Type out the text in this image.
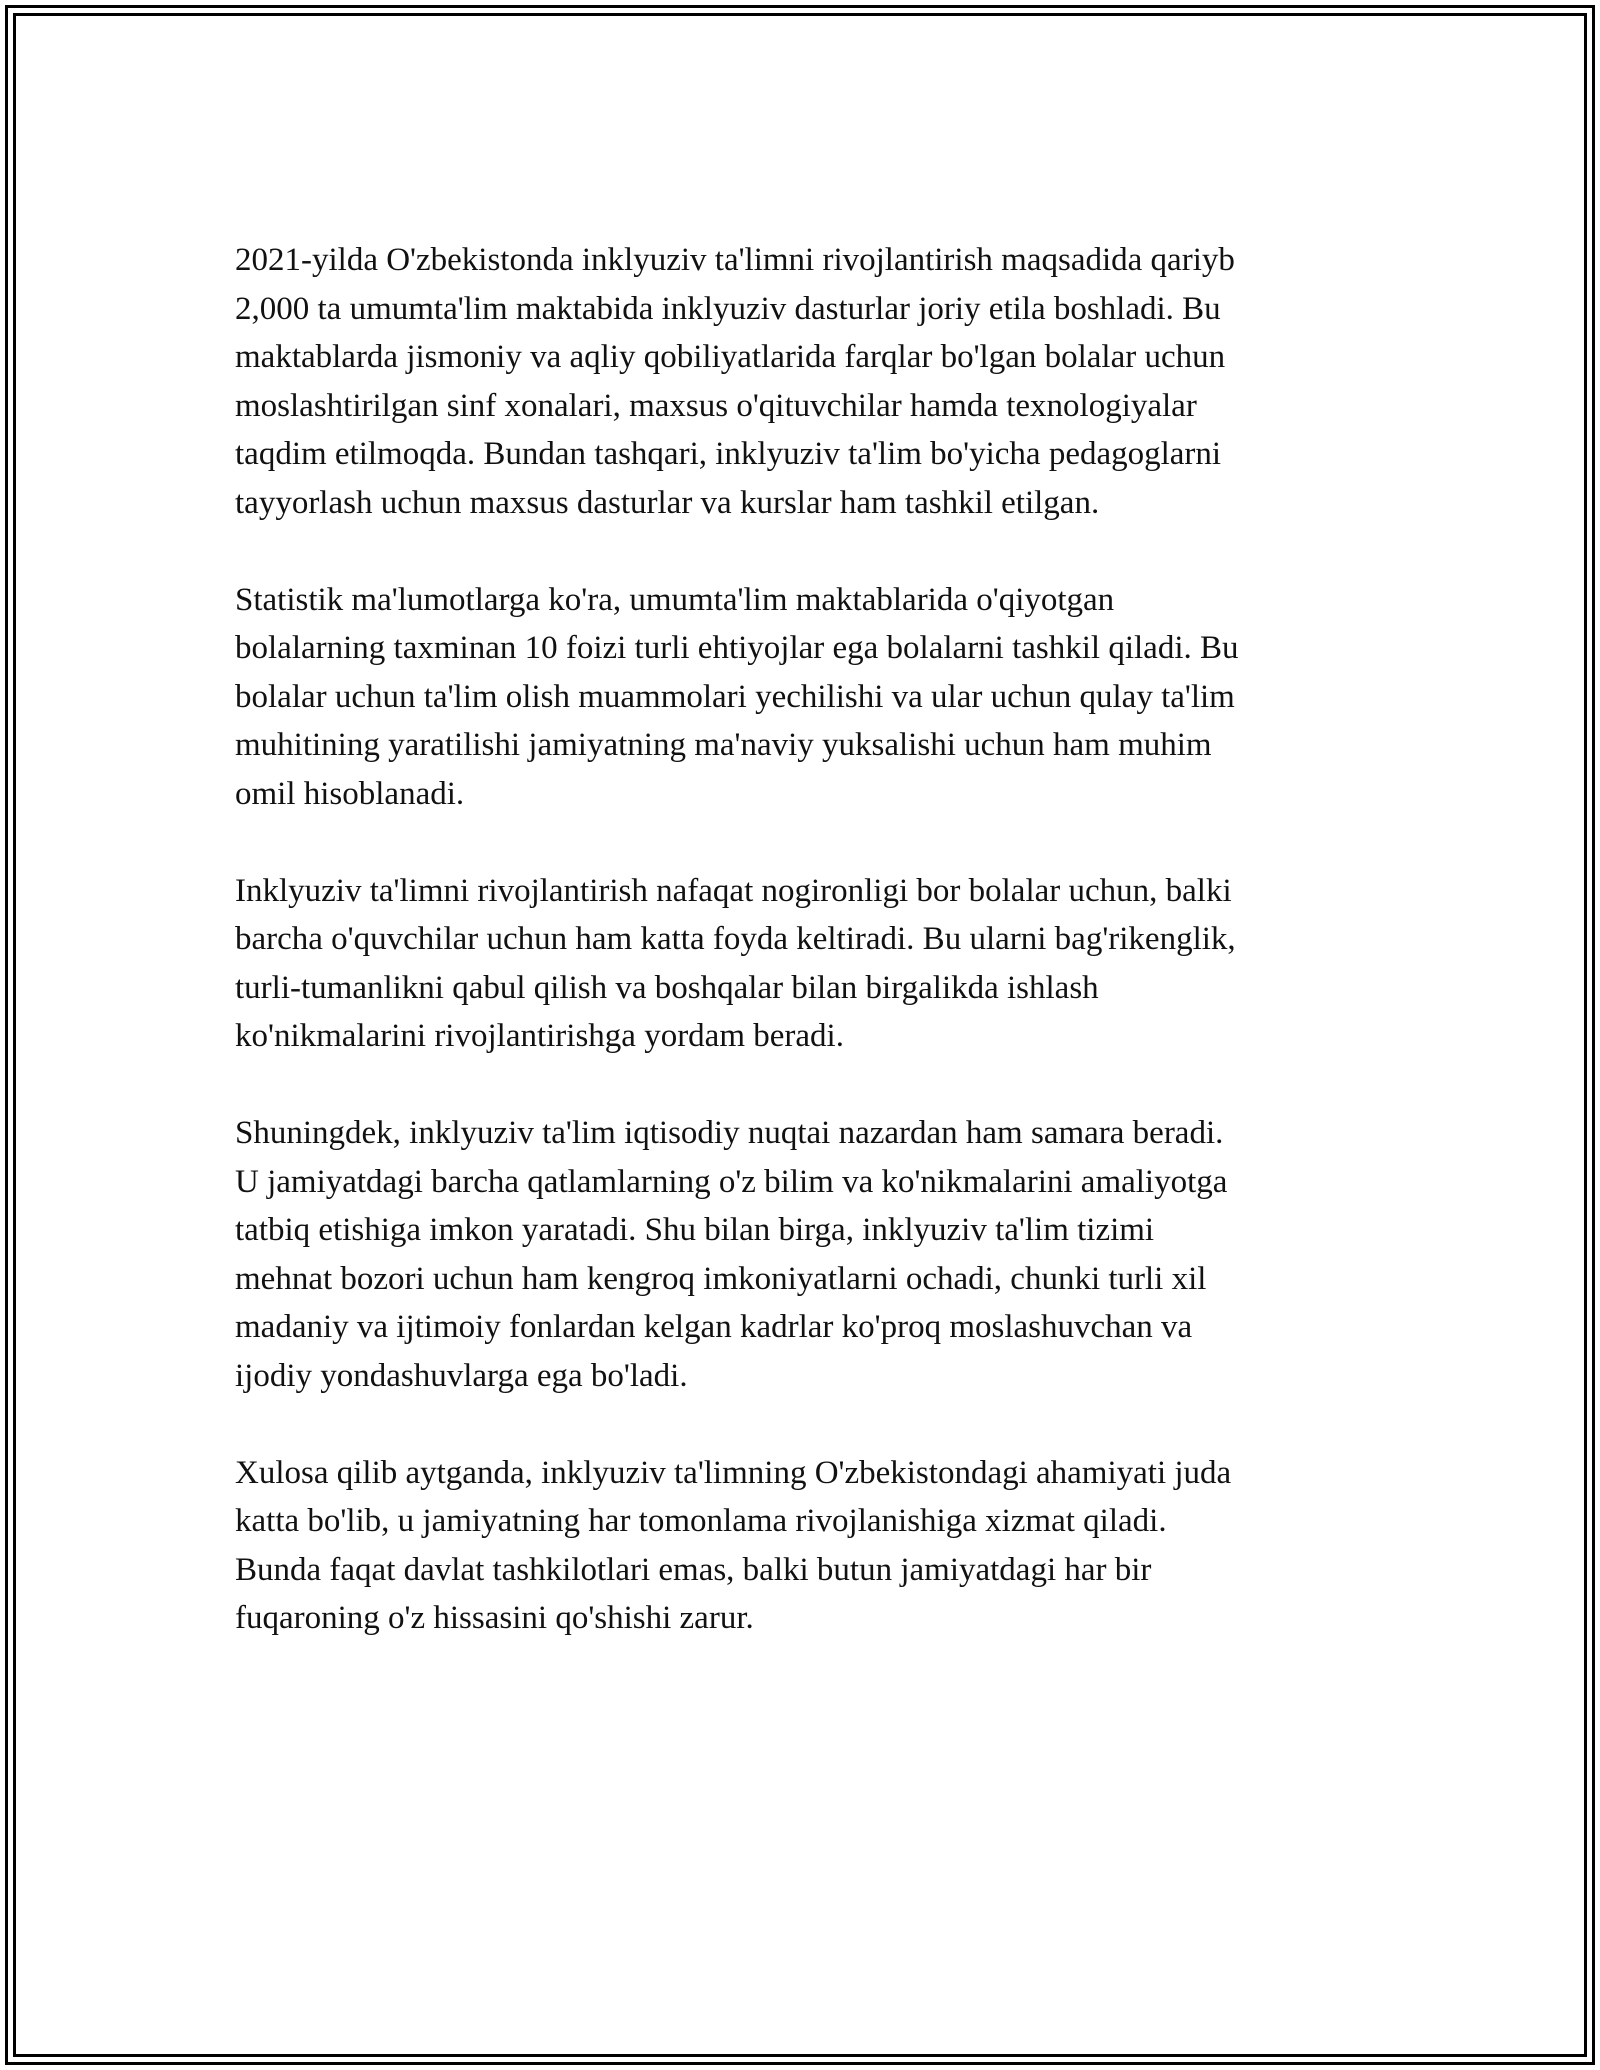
2021-yilda O'zbekistonda inklyuziv ta'limni rivojlantirish maqsadida qariyb
2,000 ta umumta'lim maktabida inklyuziv dasturlar joriy etila boshladi. Bu
maktablarda jismoniy va aqliy qobiliyatlarida farqlar bo'lgan bolalar uchun
moslashtirilgan sinf xonalari, maxsus o'qituvchilar hamda texnologiyalar
taqdim etilmoqda. Bundan tashqari, inklyuziv ta'lim bo'yicha pedagoglarni
tayyorlash uchun maxsus dasturlar va kurslar ham tashkil etilgan.

Statistik ma'lumotlarga ko'ra, umumta'lim maktablarida o'qiyotgan
bolalarning taxminan 10 foizi turli ehtiyojlar ega bolalarni tashkil qiladi. Bu
bolalar uchun ta'lim olish muammolari yechilishi va ular uchun qulay ta'lim
muhitining yaratilishi jamiyatning ma'naviy yuksalishi uchun ham muhim
omil hisoblanadi.

Inklyuziv ta'limni rivojlantirish nafaqat nogironligi bor bolalar uchun, balki
barcha o'quvchilar uchun ham katta foyda keltiradi. Bu ularni bag'rikenglik,
turli-tumanlikni qabul qilish va boshqalar bilan birgalikda ishlash
ko'nikmalarini rivojlantirishga yordam beradi.

Shuningdek, inklyuziv ta'lim iqtisodiy nuqtai nazardan ham samara beradi.
U jamiyatdagi barcha qatlamlarning o'z bilim va ko'nikmalarini amaliyotga
tatbiq etishiga imkon yaratadi. Shu bilan birga, inklyuziv ta'lim tizimi
mehnat bozori uchun ham kengroq imkoniyatlarni ochadi, chunki turli xil
madaniy va ijtimoiy fonlardan kelgan kadrlar ko'proq moslashuvchan va
ijodiy yondashuvlarga ega bo'ladi.

Xulosa qilib aytganda, inklyuziv ta'limning O'zbekistondagi ahamiyati juda
katta bo'lib, u jamiyatning har tomonlama rivojlanishiga xizmat qiladi.
Bunda faqat davlat tashkilotlari emas, balki butun jamiyatdagi har bir
fuqaroning o'z hissasini qo'shishi zarur.
